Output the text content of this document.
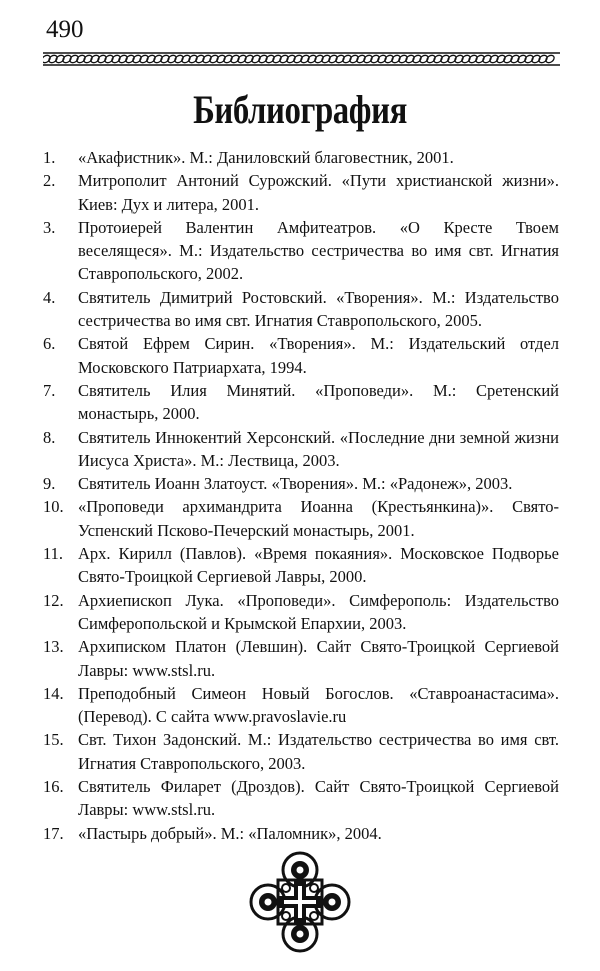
490
Библиография
1.	«Акафистник». М.: Даниловский благовестник, 2001.
2.	Митрополит Антоний Сурожский. «Пути христианской жизни». Киев: Дух и литера, 2001.
3.	Протоиерей Валентин Амфитеатров. «О Кресте Твоем веселящеся». М.: Издательство сестричества во имя свт. Игнатия Ставропольского, 2002.
4.	Святитель Димитрий Ростовский. «Творения». М.: Издательство сестричества во имя свт. Игнатия Ставропольского, 2005.
6.	Святой Ефрем Сирин. «Творения». М.: Издательский отдел Московского Патриархата, 1994.
7.	Святитель Илия Минятий. «Проповеди». М.: Сретенский монастырь, 2000.
8.	Святитель Иннокентий Херсонский. «Последние дни земной жизни Иисуса Христа». М.: Лествица, 2003.
9.	Святитель Иоанн Златоуст. «Творения». М.: «Радонеж», 2003.
10. «Проповеди архимандрита Иоанна (Крестьянкина)». Свято-Успенский Псково-Печерский монастырь, 2001.
11. Арх. Кирилл (Павлов). «Время покаяния». Московское Подворье Свято-Троицкой Сергиевой Лавры, 2000.
12. Архиепископ Лука. «Проповеди». Симферополь: Издательство Симферопольской и Крымской Епархии, 2003.
13. Архиписком Платон (Левшин). Сайт Свято-Троицкой Сергиевой Лавры: www.stsl.ru.
14. Преподобный Симеон Новый Богослов. «Ставроанастасима». (Перевод). С сайта www.pravoslavie.ru
15. Свт. Тихон Задонский. М.: Издательство сестричества во имя свт. Игнатия Ставропольского, 2003.
16. Святитель Филарет (Дроздов). Сайт Свято-Троицкой Сергиевой Лавры: www.stsl.ru.
17. «Пастырь добрый». М.: «Паломник», 2004.
